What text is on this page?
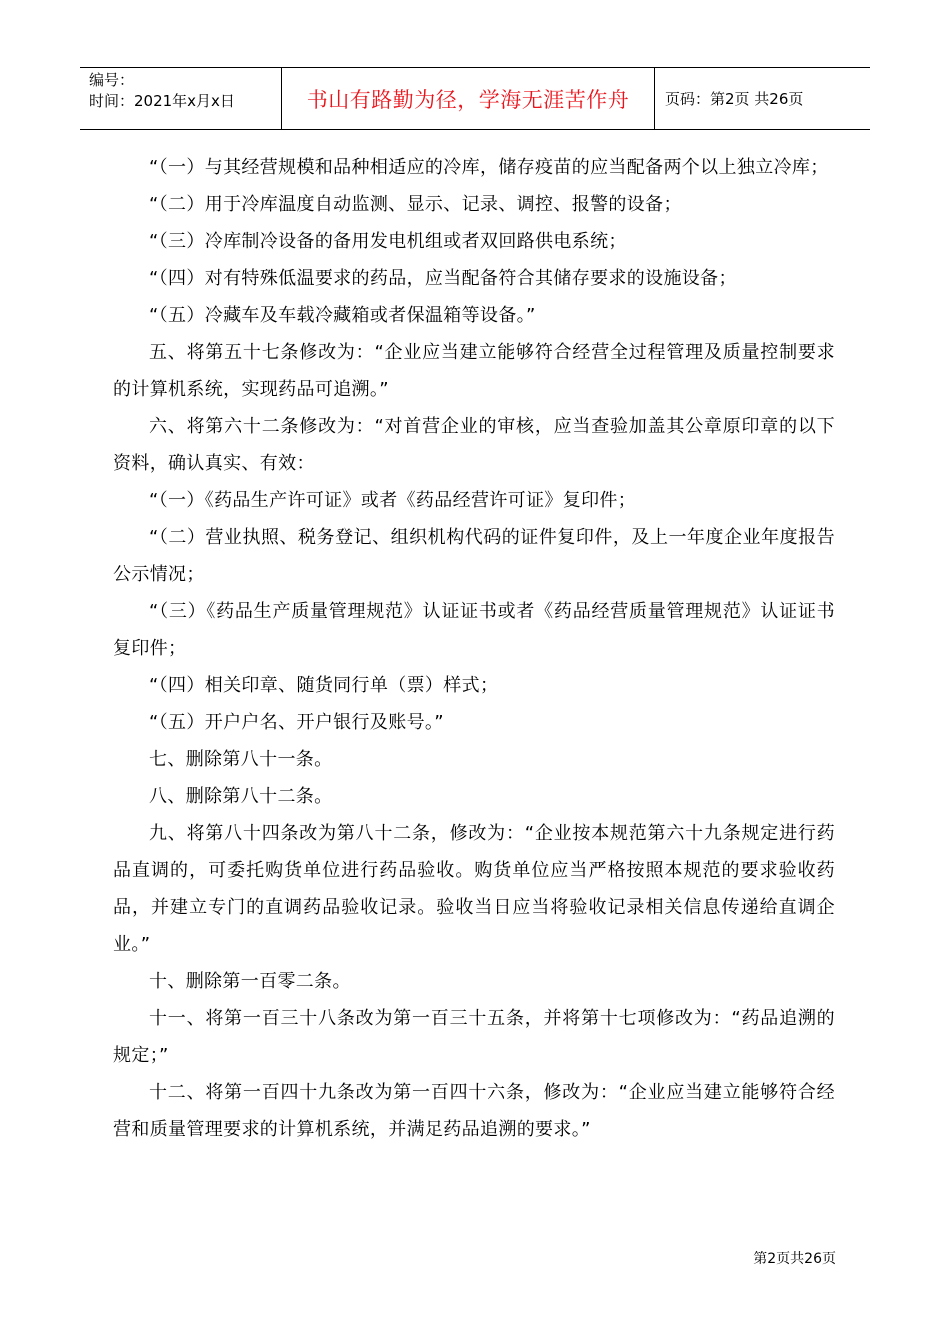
编号：
时间：2021年x月x日	书山有路勤为径，学海无涯苦作舟	页码：第2页 共26页

“（一）与其经营规模和品种相适应的冷库，储存疫苗的应当配备两个以上独立冷库；

“（二）用于冷库温度自动监测、显示、记录、调控、报警的设备；

“（三）冷库制冷设备的备用发电机组或者双回路供电系统；

“（四）对有特殊低温要求的药品，应当配备符合其储存要求的设施设备；

“（五）冷藏车及车载冷藏箱或者保温箱等设备。”

五、将第五十七条修改为：“企业应当建立能够符合经营全过程管理及质量控制要求的计算机系统，实现药品可追溯。”

六、将第六十二条修改为：“对首营企业的审核，应当查验加盖其公章原印章的以下资料，确认真实、有效：

“（一）《药品生产许可证》或者《药品经营许可证》复印件；

“（二）营业执照、税务登记、组织机构代码的证件复印件，及上一年度企业年度报告公示情况；

“（三）《药品生产质量管理规范》认证证书或者《药品经营质量管理规范》认证证书复印件；

“（四）相关印章、随货同行单（票）样式；

“（五）开户户名、开户银行及账号。”

七、删除第八十一条。

八、删除第八十二条。

九、将第八十四条改为第八十二条，修改为：“企业按本规范第六十九条规定进行药品直调的，可委托购货单位进行药品验收。购货单位应当严格按照本规范的要求验收药品，并建立专门的直调药品验收记录。验收当日应当将验收记录相关信息传递给直调企业。”

十、删除第一百零二条。

十一、将第一百三十八条改为第一百三十五条，并将第十七项修改为：“药品追溯的规定；”

十二、将第一百四十九条改为第一百四十六条，修改为：“企业应当建立能够符合经营和质量管理要求的计算机系统，并满足药品追溯的要求。”

第2页共26页
